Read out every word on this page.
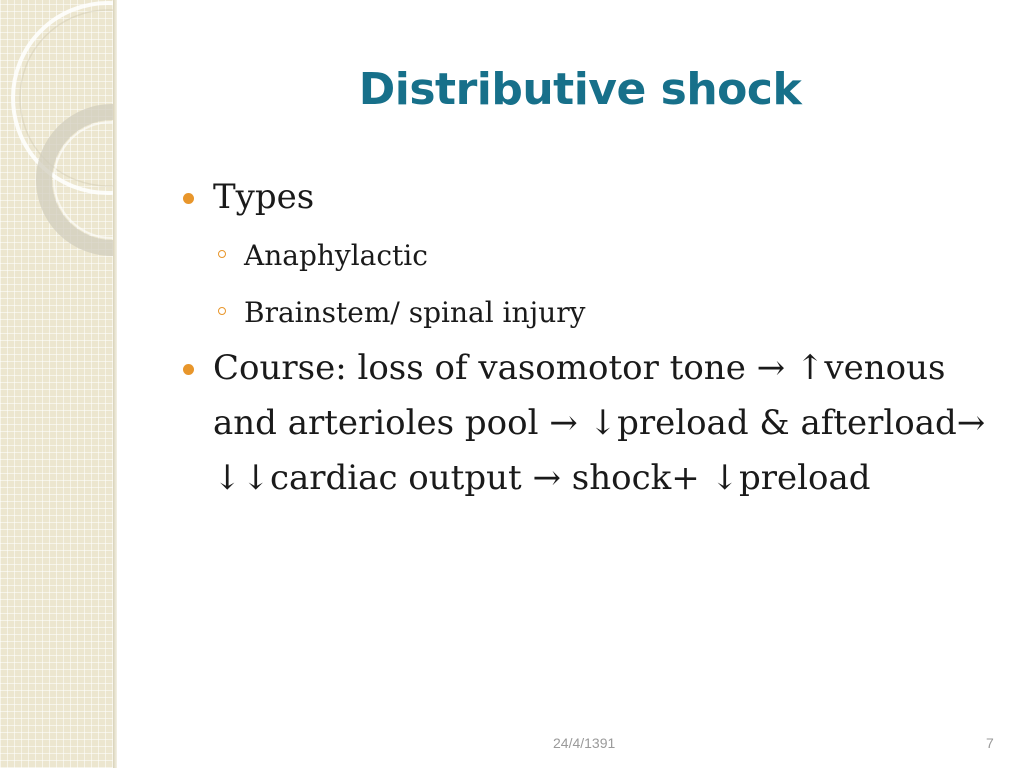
Distributive shock
Types
Anaphylactic
Brainstem/ spinal injury
Course: loss of vasomotor tone → ↑venous and arterioles pool → ↓preload & afterload→ ↓↓cardiac output → shock+ ↓preload
24/4/1391	7
